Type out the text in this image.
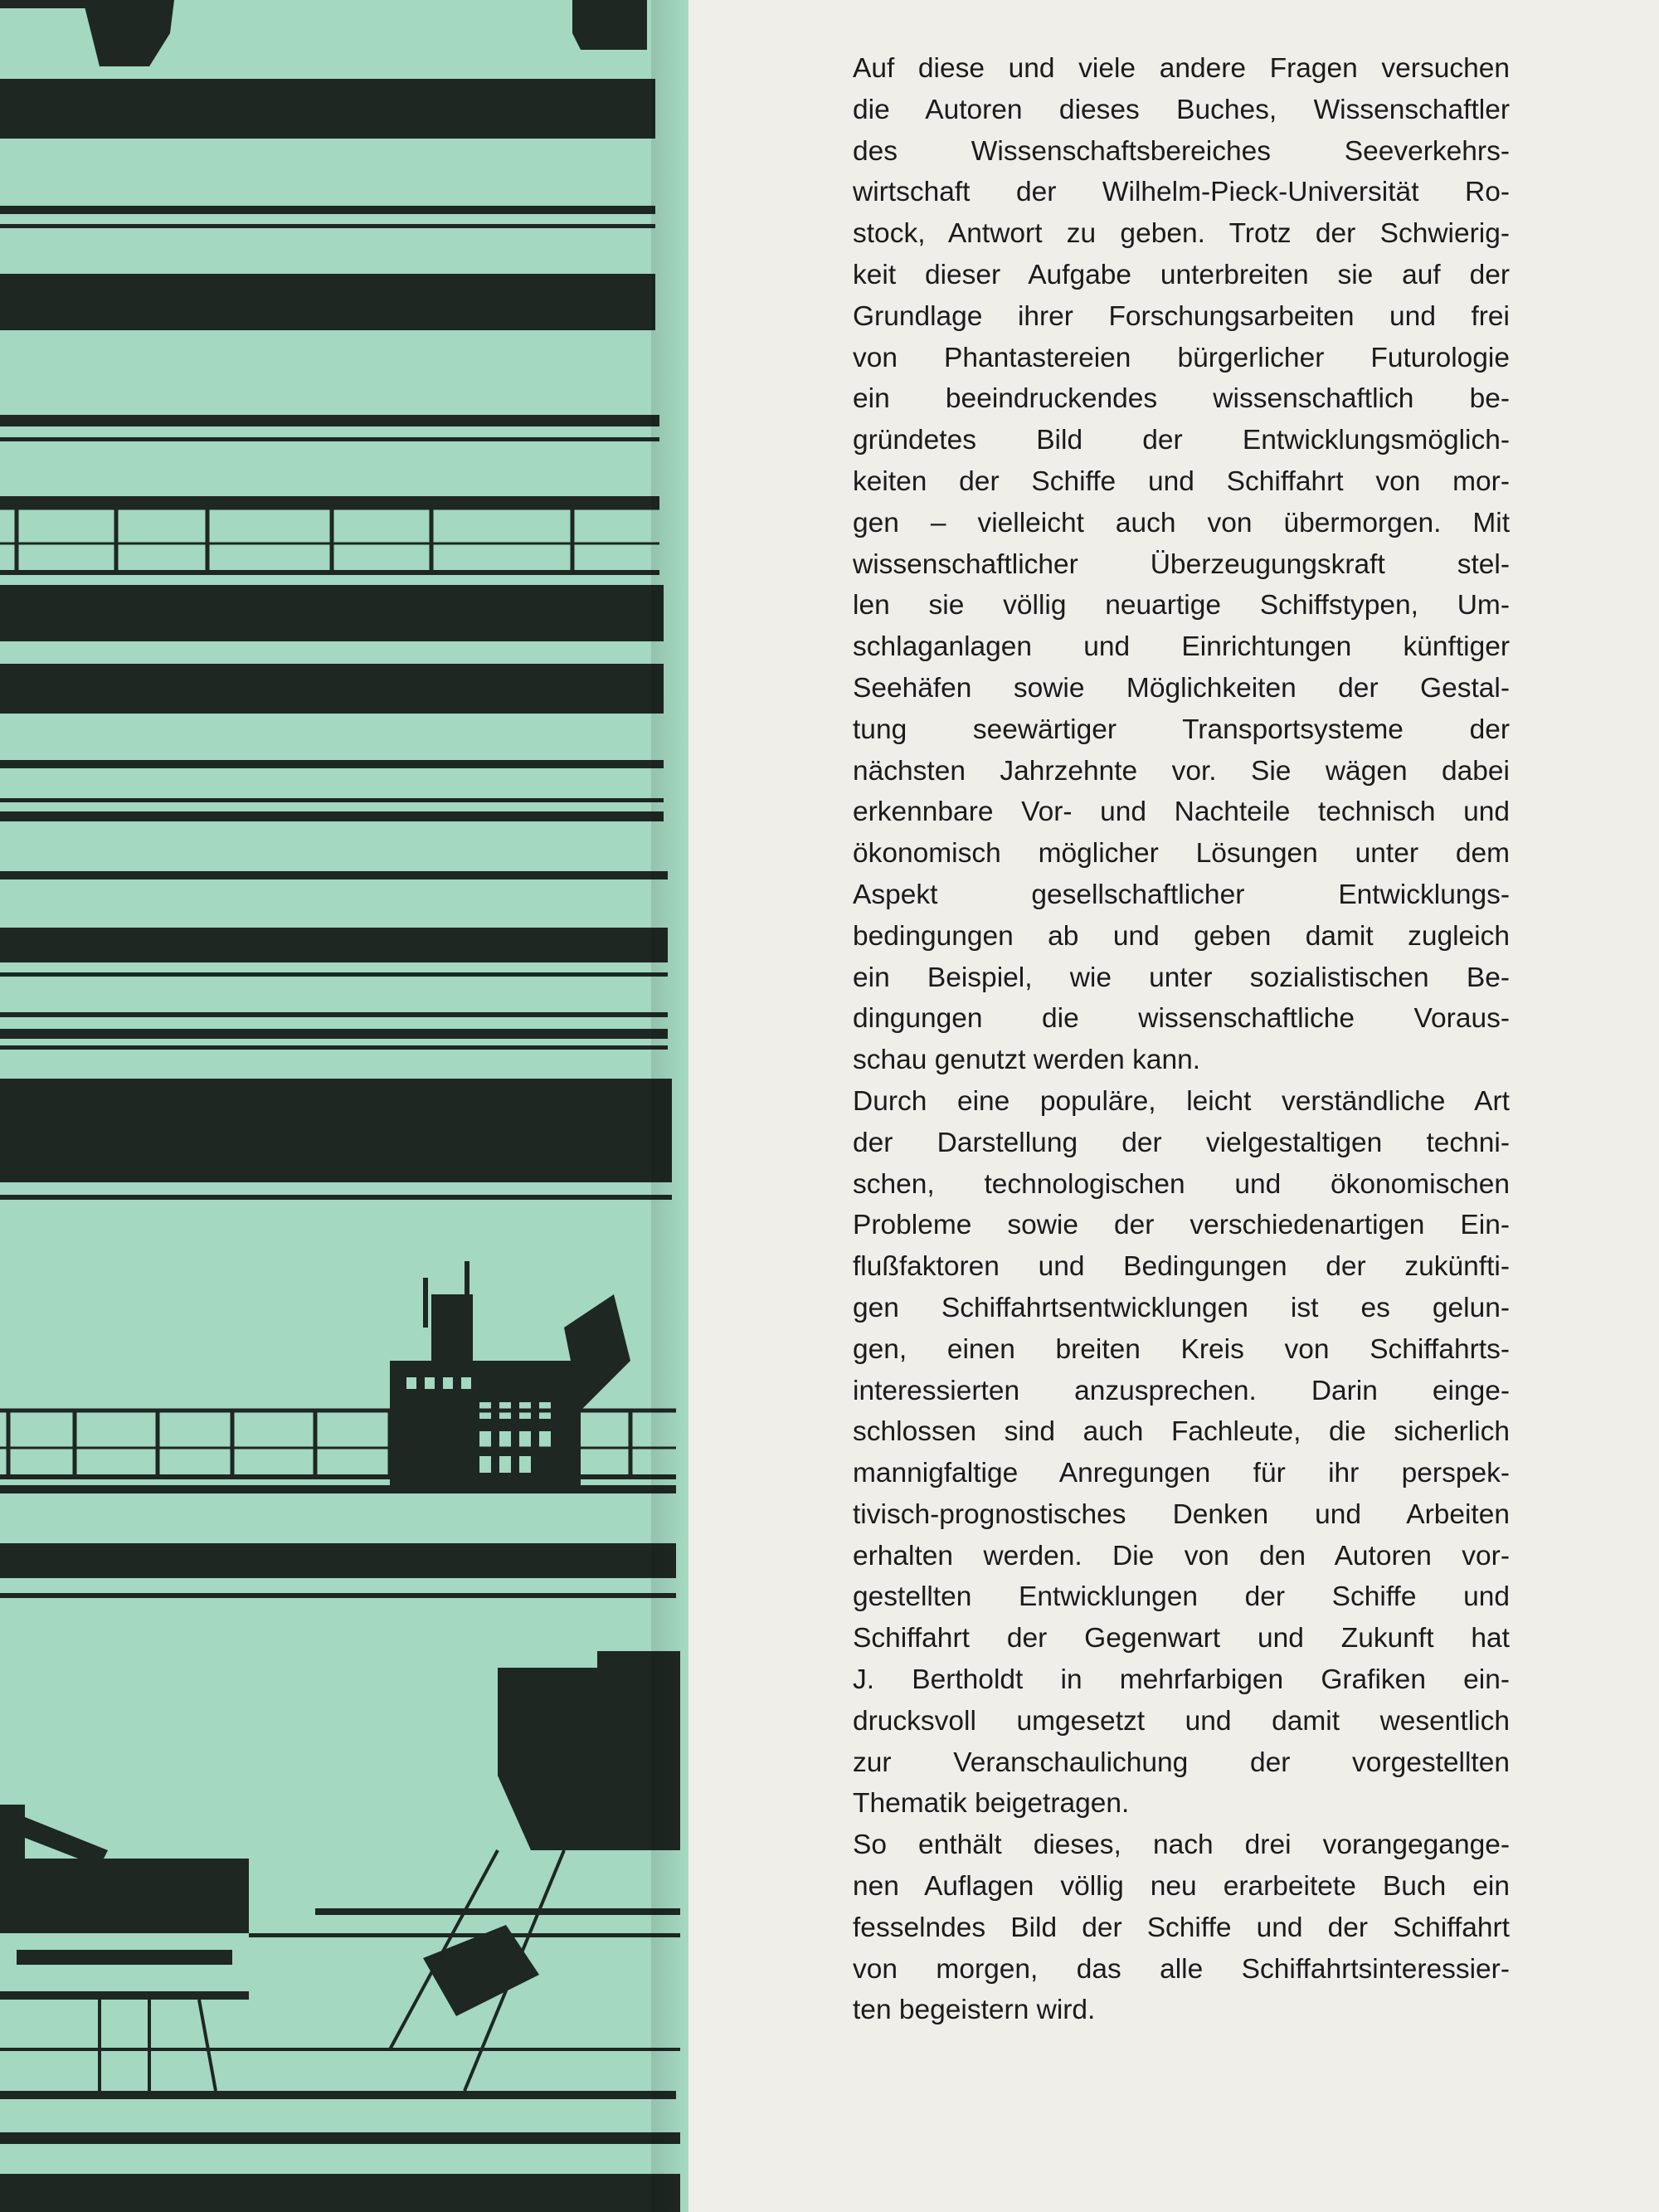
Auf diese und viele andere Fragen versuchen
die Autoren dieses Buches, Wissenschaftler
des Wissenschaftsbereiches Seeverkehrs-
wirtschaft der Wilhelm-Pieck-Universität Ro-
stock, Antwort zu geben. Trotz der Schwierig-
keit dieser Aufgabe unterbreiten sie auf der
Grundlage ihrer Forschungsarbeiten und frei
von Phantastereien bürgerlicher Futurologie
ein beeindruckendes wissenschaftlich be-
gründetes Bild der Entwicklungsmöglich-
keiten der Schiffe und Schiffahrt von mor-
gen – vielleicht auch von übermorgen. Mit
wissenschaftlicher Überzeugungskraft stel-
len sie völlig neuartige Schiffstypen, Um-
schlaganlagen und Einrichtungen künftiger
Seehäfen sowie Möglichkeiten der Gestal-
tung seewärtiger Transportsysteme der
nächsten Jahrzehnte vor. Sie wägen dabei
erkennbare Vor- und Nachteile technisch und
ökonomisch möglicher Lösungen unter dem
Aspekt gesellschaftlicher Entwicklungs-
bedingungen ab und geben damit zugleich
ein Beispiel, wie unter sozialistischen Be-
dingungen die wissenschaftliche Voraus-
schau genutzt werden kann.

Durch eine populäre, leicht verständliche Art
der Darstellung der vielgestaltigen techni-
schen, technologischen und ökonomischen
Probleme sowie der verschiedenartigen Ein-
flußfaktoren und Bedingungen der zukünfti-
gen Schiffahrtsentwicklungen ist es gelun-
gen, einen breiten Kreis von Schiffahrts-
interessierten anzusprechen. Darin einge-
schlossen sind auch Fachleute, die sicherlich
mannigfaltige Anregungen für ihr perspek-
tivisch-prognostisches Denken und Arbeiten
erhalten werden. Die von den Autoren vor-
gestellten Entwicklungen der Schiffe und
Schiffahrt der Gegenwart und Zukunft hat
J. Bertholdt in mehrfarbigen Grafiken ein-
drucksvoll umgesetzt und damit wesentlich
zur Veranschaulichung der vorgestellten
Thematik beigetragen.

So enthält dieses, nach drei vorangegange-
nen Auflagen völlig neu erarbeitete Buch ein
fesselndes Bild der Schiffe und der Schiffahrt
von morgen, das alle Schiffahrtsinteressier-
ten begeistern wird.
